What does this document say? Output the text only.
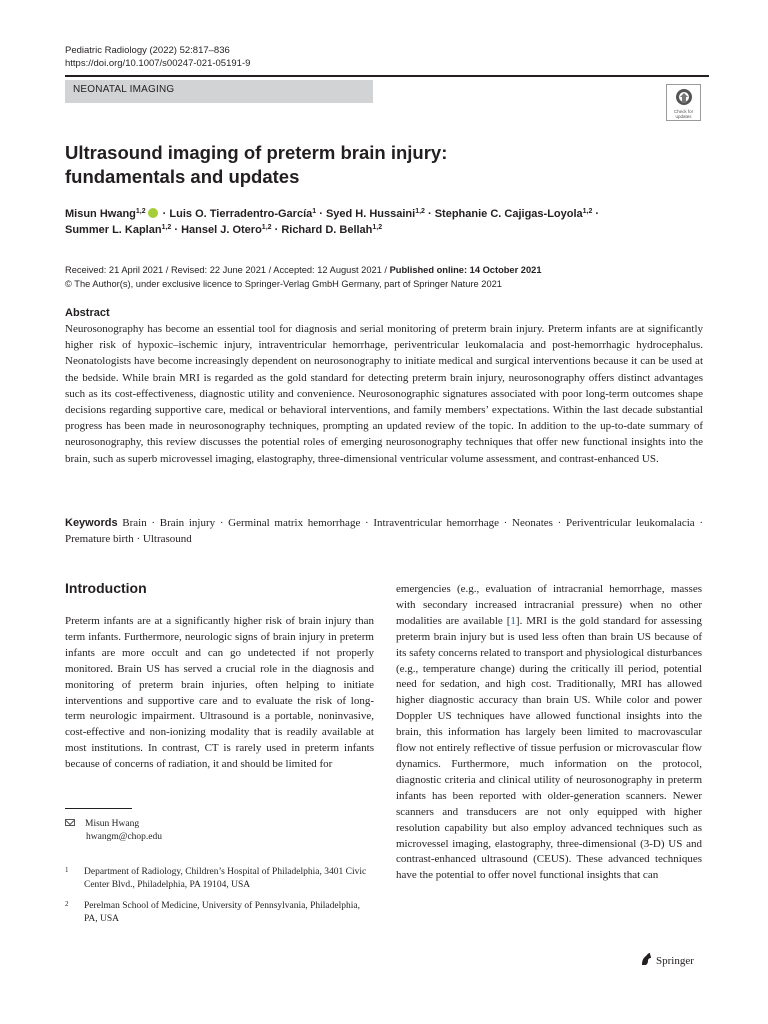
Pediatric Radiology (2022) 52:817–836
https://doi.org/10.1007/s00247-021-05191-9
NEONATAL IMAGING
Check for updates
Ultrasound imaging of preterm brain injury:
fundamentals and updates
Misun Hwang$^{1,2}$ · Luis O. Tierradentro-García$^1$ · Syed H. Hussaini$^{1,2}$ · Stephanie C. Cajigas-Loyola$^{1,2}$ ·
Summer L. Kaplan$^{1,2}$ · Hansel J. Otero$^{1,2}$ · Richard D. Bellah$^{1,2}$
Received: 21 April 2021 / Revised: 22 June 2021 / Accepted: 12 August 2021 / Published online: 14 October 2021
© The Author(s), under exclusive licence to Springer-Verlag GmbH Germany, part of Springer Nature 2021
Abstract

Neurosonography has become an essential tool for diagnosis and serial monitoring of preterm brain injury. Preterm infants are at significantly higher risk of hypoxic–ischemic injury, intraventricular hemorrhage, periventricular leukomalacia and post-hemorrhagic hydrocephalus. Neonatologists have become increasingly dependent on neurosonography to initiate medical and surgical interventions because it can be used at the bedside. While brain MRI is regarded as the gold standard for detecting preterm brain injury, neurosonography offers distinct advantages such as its cost-effectiveness, diagnostic utility and convenience. Neurosonographic signatures associated with poor long-term outcomes shape decisions regarding supportive care, medical or behavioral interventions, and family members’ expectations. Within the last decade substantial progress has been made in neurosonography techniques, prompting an updated review of the topic. In addition to the up-to-date summary of neurosonography, this review discusses the potential roles of emerging neurosonography techniques that offer new functional insights into the brain, such as superb microvessel imaging, elastography, three-dimensional ventricular volume assessment, and contrast-enhanced US.

Keywords Brain · Brain injury · Germinal matrix hemorrhage · Intraventricular hemorrhage · Neonates · Periventricular leukomalacia · Premature birth · Ultrasound

Introduction

Preterm infants are at a significantly higher risk of brain injury than term infants. Furthermore, neurologic signs of brain injury in preterm infants are more occult and can go undetected if not properly monitored. Brain US has served a crucial role in the diagnosis and monitoring of preterm brain injuries, often helping to initiate interventions and supportive care and to evaluate the risk of long-term neurologic impairment. Ultrasound is a portable, noninvasive, cost-effective and non-ionizing modality that is readily available at most institutions. In contrast, CT is rarely used in preterm infants because of concerns of radiation, it and should be limited for

emergencies (e.g., evaluation of intracranial hemorrhage, masses with secondary increased intracranial pressure) when no other modalities are available [1]. MRI is the gold standard for assessing preterm brain injury but is used less often than brain US because of its safety concerns related to transport and physiological disturbances (e.g., temperature change) during the critically ill period, potential need for sedation, and high cost. Traditionally, MRI has allowed higher diagnostic accuracy than brain US. While color and power Doppler US techniques have allowed functional insights into the brain, this information has largely been limited to macrovascular flow not entirely reflective of tissue perfusion or microvascular flow dynamics. Furthermore, much information on the protocol, diagnostic criteria and clinical utility of neurosonography in preterm infants has been reported with older-generation scanners. Newer scanners and transducers are not only equipped with higher resolution capability but also employ advanced techniques such as microvessel imaging, elastography, three-dimensional (3-D) US and contrast-enhanced ultrasound (CEUS). These advanced techniques have the potential to offer novel functional insights that can

Misun Hwang
hwangm@chop.edu
1	Department of Radiology, Children’s Hospital of Philadelphia, 3401 Civic Center Blvd., Philadelphia, PA 19104, USA
2	Perelman School of Medicine, University of Pennsylvania, Philadelphia, PA, USA
Springer
